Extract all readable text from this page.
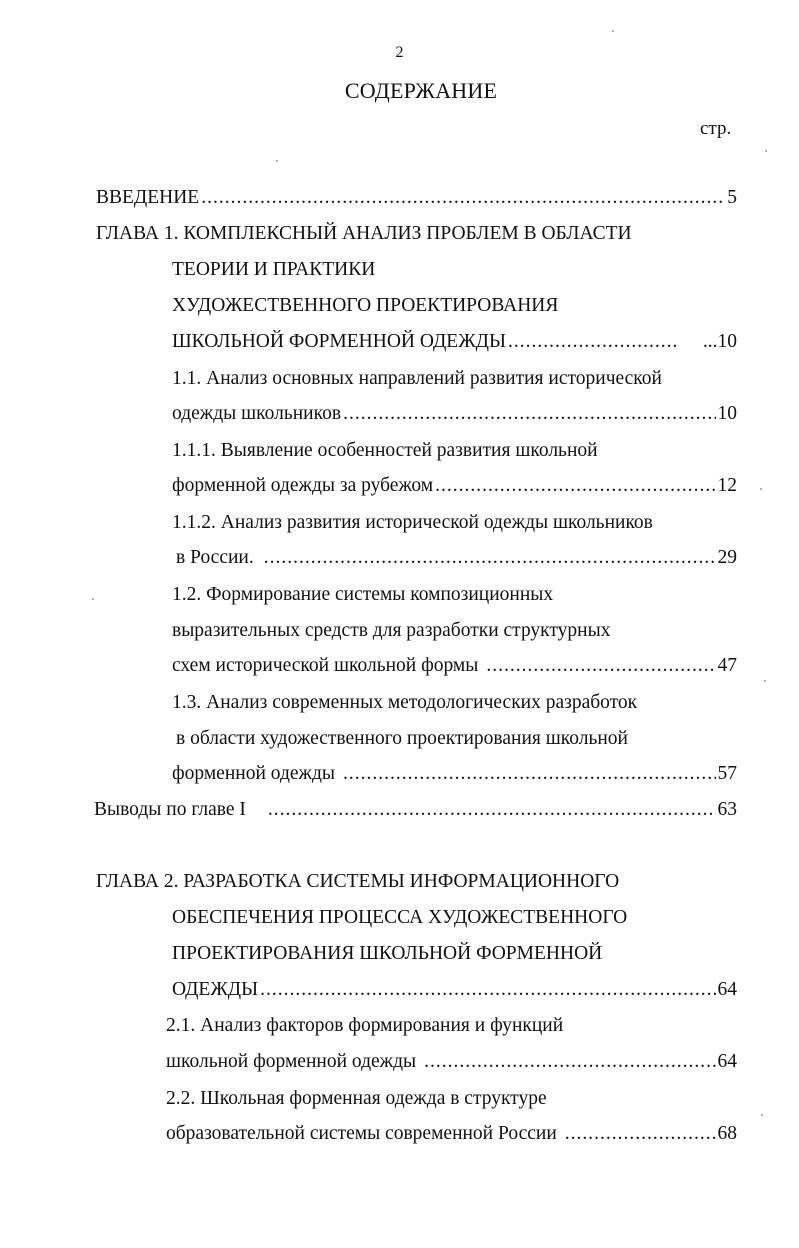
2
СОДЕРЖАНИЕ
стр.
ВВЕДЕНИЕ .....	5
ГЛАВА 1. КОМПЛЕКСНЫЙ АНАЛИЗ ПРОБЛЕМ В ОБЛАСТИ
ТЕОРИИ И ПРАКТИКИ
ХУДОЖЕСТВЕННОГО ПРОЕКТИРОВАНИЯ
ШКОЛЬНОЙ ФОРМЕННОЙ ОДЕЖДЫ .....	...10
1.1. Анализ основных направлений развития исторической
одежды школьников .....	10
1.1.1. Выявление особенностей развития школьной
форменной одежды за рубежом .....	12
1.1.2. Анализ развития исторической одежды школьников
в России. .....	29
1.2. Формирование системы композиционных
выразительных средств для разработки структурных
схем исторической школьной формы .....	47
1.3. Анализ современных методологических разработок
в области художественного проектирования школьной
форменной одежды .....	57
Выводы по главе I .....	63
ГЛАВА 2. РАЗРАБОТКА СИСТЕМЫ ИНФОРМАЦИОННОГО
ОБЕСПЕЧЕНИЯ ПРОЦЕССА ХУДОЖЕСТВЕННОГО
ПРОЕКТИРОВАНИЯ ШКОЛЬНОЙ ФОРМЕННОЙ
ОДЕЖДЫ .....	64
2.1. Анализ факторов формирования и функций
школьной форменной одежды .....	64
2.2. Школьная форменная одежда в структуре
образовательной системы современной России .....	68
